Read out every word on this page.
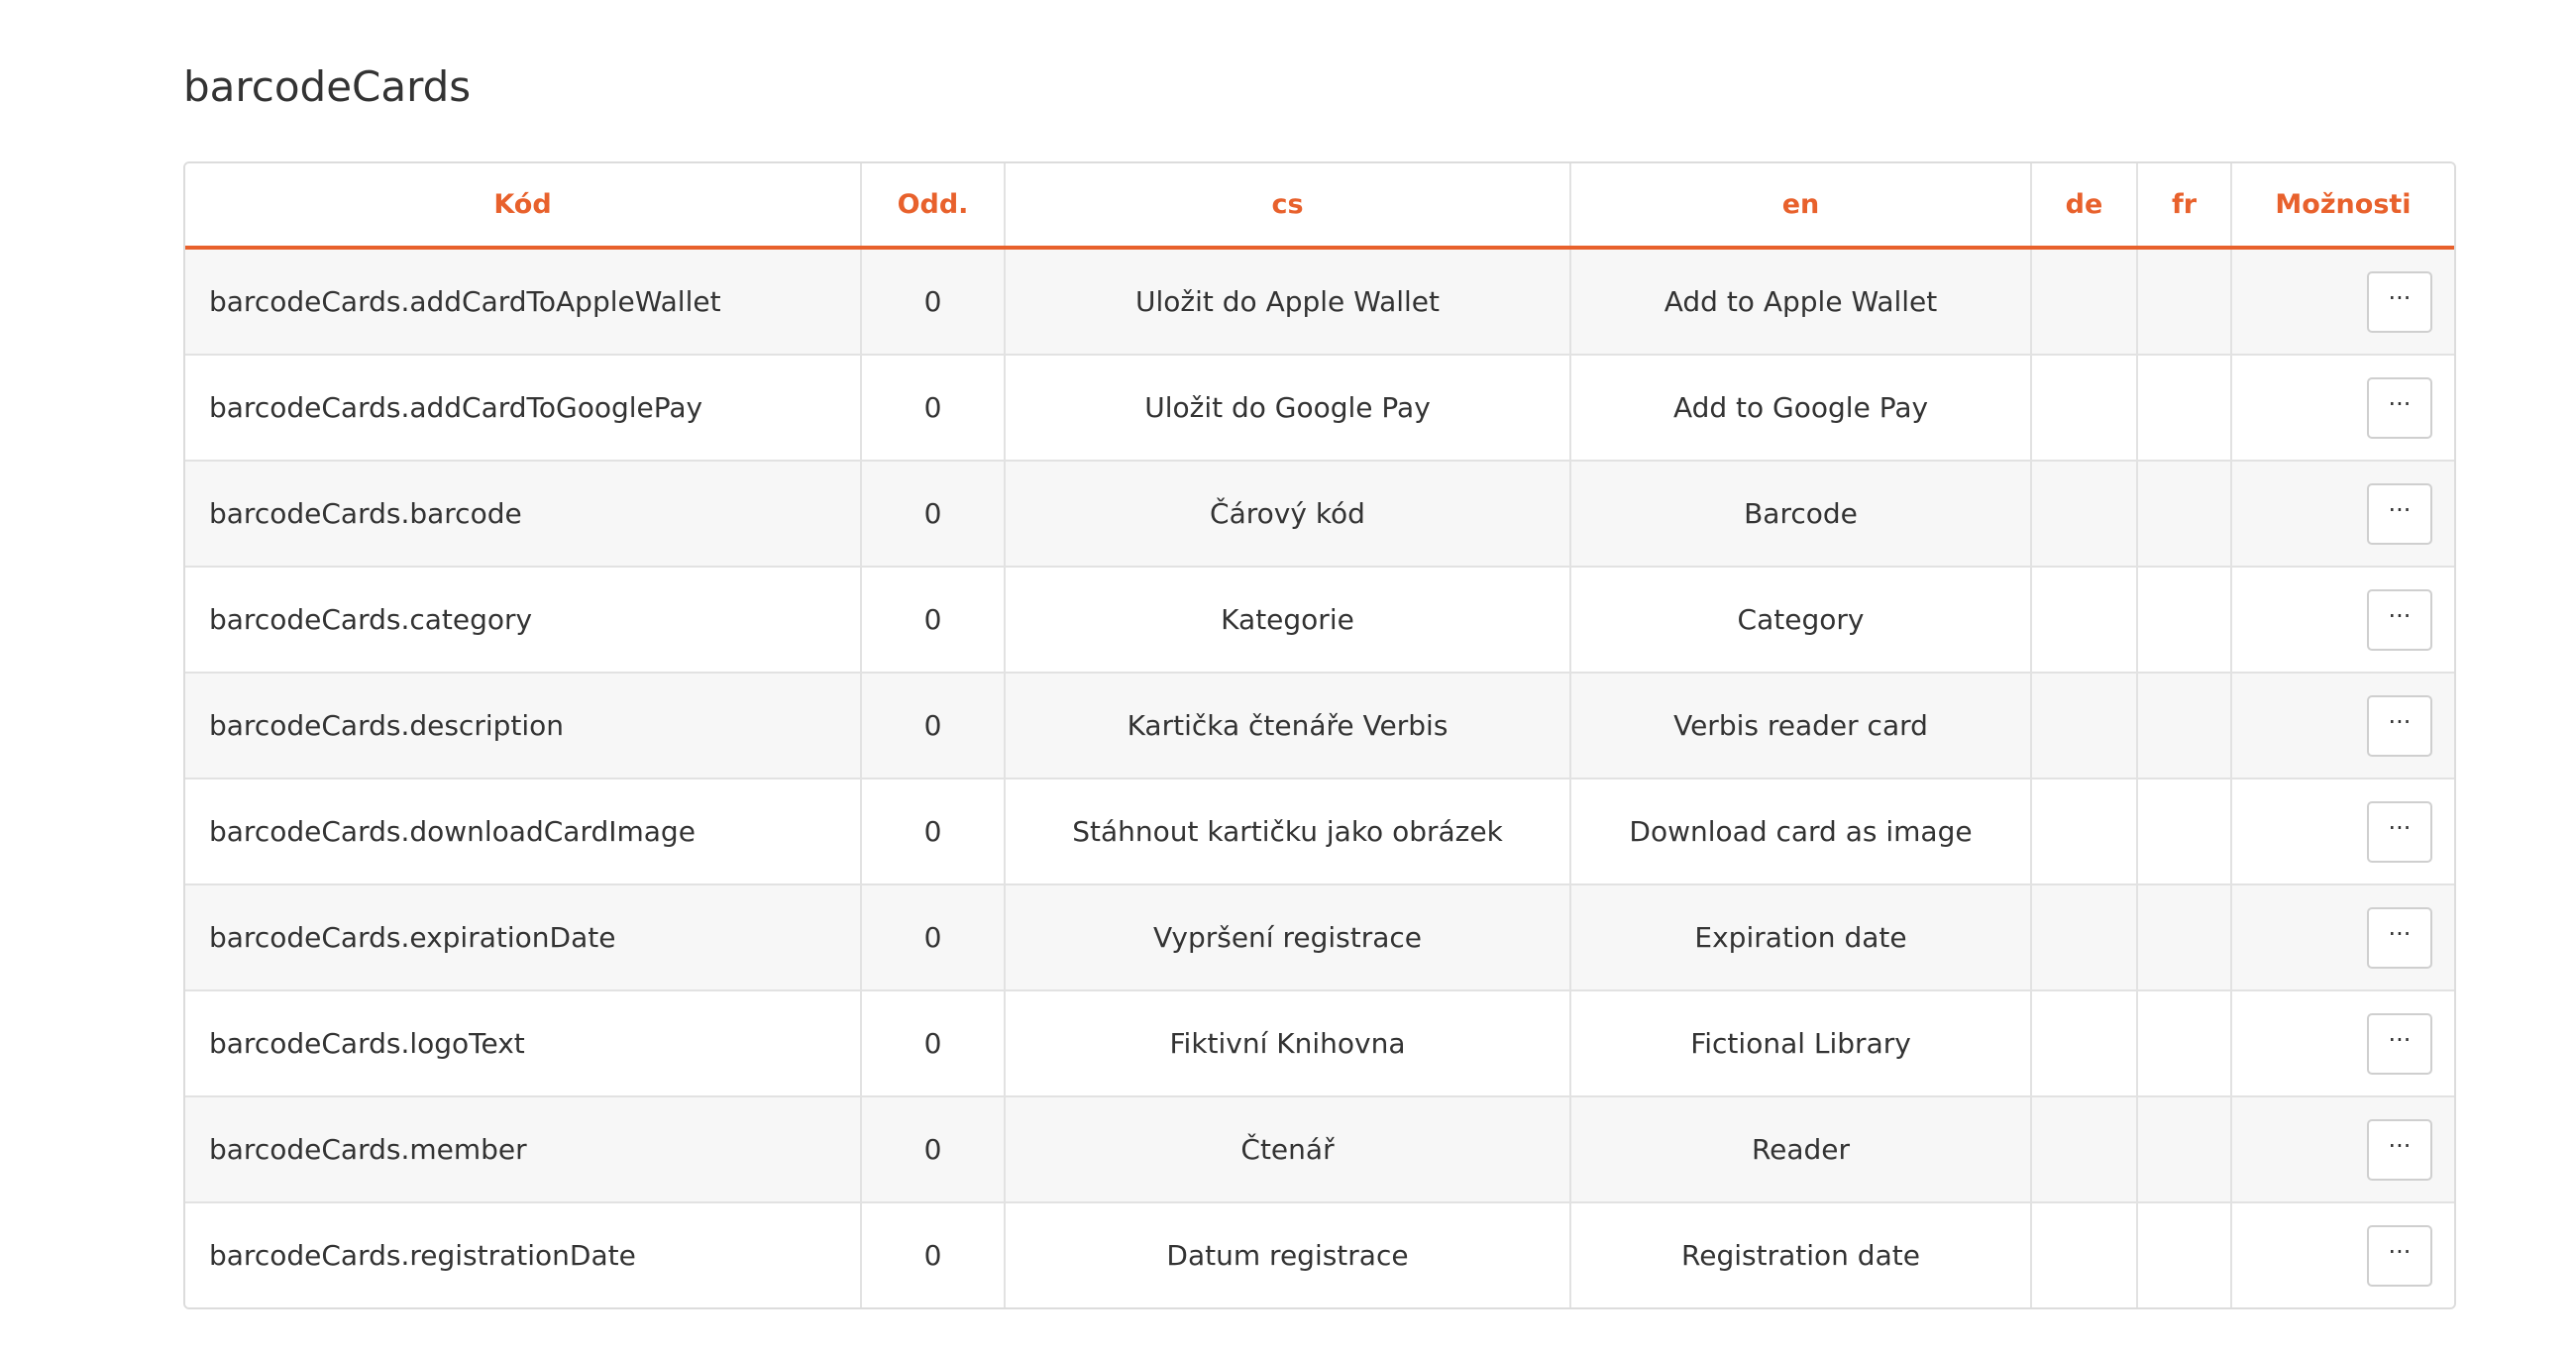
barcodeCards
Kód	Odd.	cs	en	de	fr	Možnosti
barcodeCards.addCardToAppleWallet	0	Uložit do Apple Wallet	Add to Apple Wallet			···
barcodeCards.addCardToGooglePay	0	Uložit do Google Pay	Add to Google Pay			···
barcodeCards.barcode	0	Čárový kód	Barcode			···
barcodeCards.category	0	Kategorie	Category			···
barcodeCards.description	0	Kartička čtenáře Verbis	Verbis reader card			···
barcodeCards.downloadCardImage	0	Stáhnout kartičku jako obrázek	Download card as image			···
barcodeCards.expirationDate	0	Vypršení registrace	Expiration date			···
barcodeCards.logoText	0	Fiktivní Knihovna	Fictional Library			···
barcodeCards.member	0	Čtenář	Reader			···
barcodeCards.registrationDate	0	Datum registrace	Registration date			···
